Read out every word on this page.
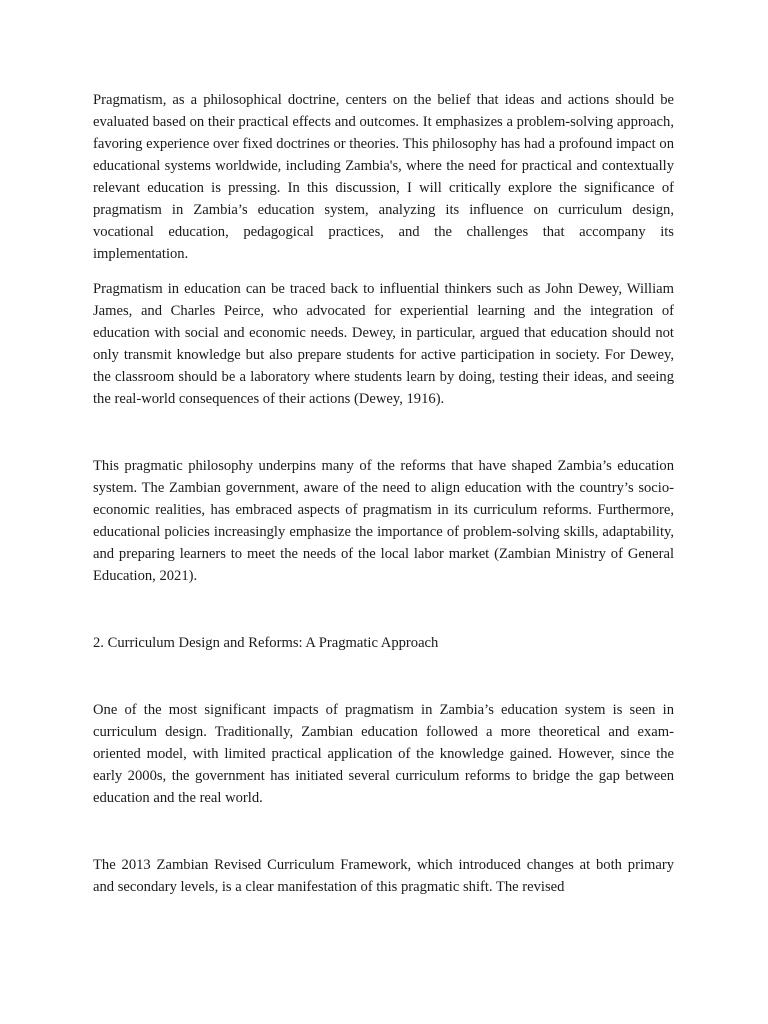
Pragmatism, as a philosophical doctrine, centers on the belief that ideas and actions should be evaluated based on their practical effects and outcomes. It emphasizes a problem-solving approach, favoring experience over fixed doctrines or theories. This philosophy has had a profound impact on educational systems worldwide, including Zambia's, where the need for practical and contextually relevant education is pressing. In this discussion, I will critically explore the significance of pragmatism in Zambia’s education system, analyzing its influence on curriculum design, vocational education, pedagogical practices, and the challenges that accompany its implementation.

Pragmatism in education can be traced back to influential thinkers such as John Dewey, William James, and Charles Peirce, who advocated for experiential learning and the integration of education with social and economic needs. Dewey, in particular, argued that education should not only transmit knowledge but also prepare students for active participation in society. For Dewey, the classroom should be a laboratory where students learn by doing, testing their ideas, and seeing the real-world consequences of their actions (Dewey, 1916).

This pragmatic philosophy underpins many of the reforms that have shaped Zambia’s education system. The Zambian government, aware of the need to align education with the country’s socio-economic realities, has embraced aspects of pragmatism in its curriculum reforms. Furthermore, educational policies increasingly emphasize the importance of problem-solving skills, adaptability, and preparing learners to meet the needs of the local labor market (Zambian Ministry of General Education, 2021).

2. Curriculum Design and Reforms: A Pragmatic Approach

One of the most significant impacts of pragmatism in Zambia’s education system is seen in curriculum design. Traditionally, Zambian education followed a more theoretical and exam-oriented model, with limited practical application of the knowledge gained. However, since the early 2000s, the government has initiated several curriculum reforms to bridge the gap between education and the real world.

The 2013 Zambian Revised Curriculum Framework, which introduced changes at both primary and secondary levels, is a clear manifestation of this pragmatic shift. The revised
